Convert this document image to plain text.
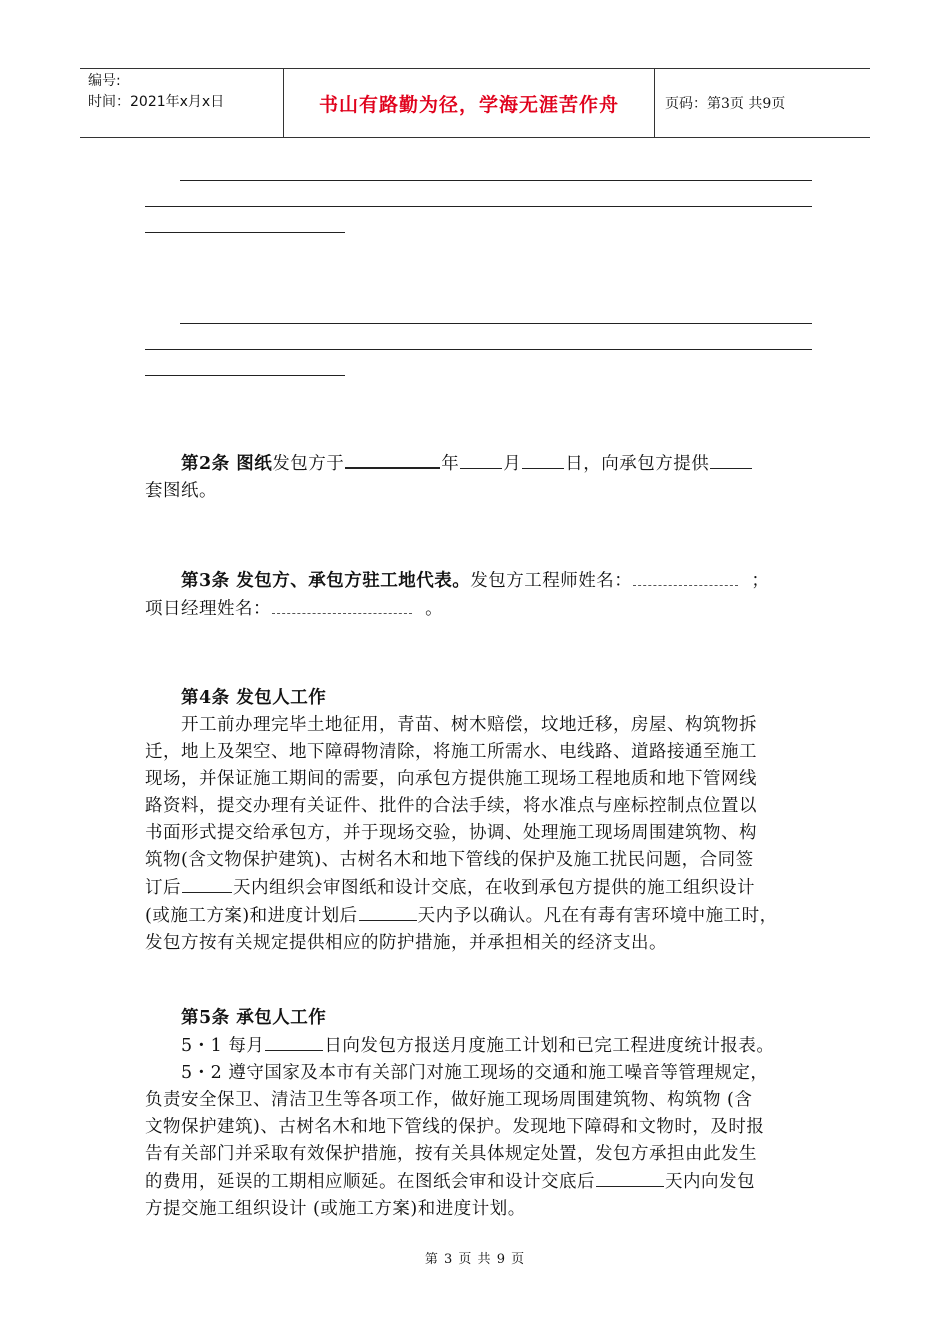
编号:
时间：2021年x月x日	书山有路勤为径，学海无涯苦作舟	页码：第3页 共9页

第2条 图纸发包方于	年	月	日，向承包方提供

套图纸。

第3条 发包方、承包方驻工地代表。发包方工程师姓名：	；

项日经理姓名：	。

第4条 发包人工作

开工前办理完毕土地征用，青苗、树木赔偿，坟地迁移，房屋、构筑物拆

迁，地上及架空、地下障碍物清除，将施工所需水、电线路、道路接通至施工

现场，并保证施工期间的需要，向承包方提供施工现场工程地质和地下管网线

路资料，提交办理有关证件、批件的合法手续，将水准点与座标控制点位置以

书面形式提交给承包方，并于现场交验，协调、处理施工现场周围建筑物、构

筑物(含文物保护建筑)、古树名木和地下管线的保护及施工扰民问题，合同签

订后	天内组织会审图纸和设计交底，在收到承包方提供的施工组织设计

(或施工方案)和进度计划后	天内予以确认。凡在有毒有害环境中施工时，

发包方按有关规定提供相应的防护措施，并承担相关的经济支出。

第5条 承包人工作

5・1 每月	日向发包方报送月度施工计划和已完工程进度统计报表。

5・2 遵守国家及本市有关部门对施工现场的交通和施工噪音等管理规定，

负责安全保卫、清洁卫生等各项工作，做好施工现场周围建筑物、构筑物 (含

文物保护建筑)、古树名木和地下管线的保护。发现地下障碍和文物时，及时报

告有关部门并采取有效保护措施，按有关具体规定处置，发包方承担由此发生

的费用，延误的工期相应顺延。在图纸会审和设计交底后	天内向发包

方提交施工组织设计 (或施工方案)和进度计划。

第 3 页 共 9 页
